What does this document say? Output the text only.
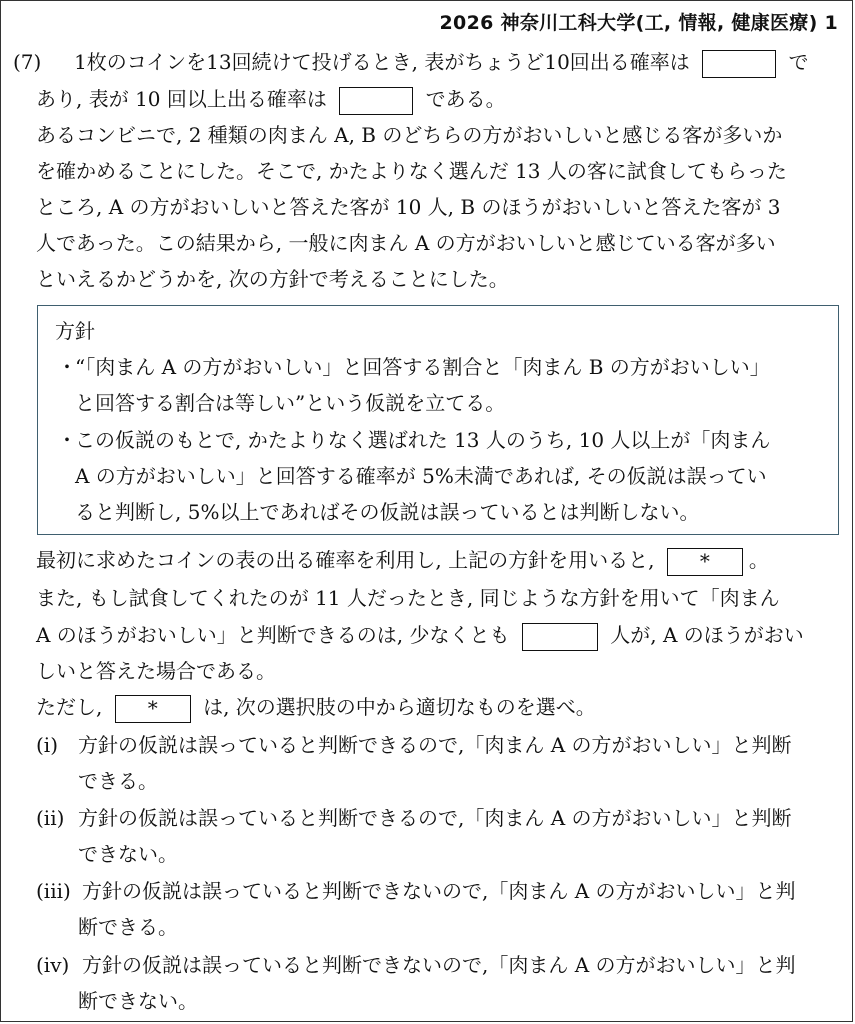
2026 神奈川工科大学(工, 情報, 健康医療) 1
(7) 1枚のコインを13回続けて投げるとき, 表がちょうど10回出る確率は	で
あり, 表が 10 回以上出る確率は	である。
あるコンビニで, 2 種類の肉まん A, B のどちらの方がおいしいと感じる客が多いか
を確かめることにした。そこで, かたよりなく選んだ 13 人の客に試食してもらった
ところ, A の方がおいしいと答えた客が 10 人, B のほうがおいしいと答えた客が 3
人であった。この結果から, 一般に肉まん A の方がおいしいと感じている客が多い
といえるかどうかを, 次の方針で考えることにした。
方針
・“「肉まん A の方がおいしい」と回答する割合と「肉まん B の方がおいしい」
と回答する割合は等しい”という仮説を立てる。
・この仮説のもとで, かたよりなく選ばれた 13 人のうち, 10 人以上が「肉まん
A の方がおいしい」と回答する確率が 5%未満であれば, その仮説は誤ってい
ると判断し, 5%以上であればその仮説は誤っているとは判断しない。
最初に求めたコインの表の出る確率を利用し, 上記の方針を用いると, * 。
また, もし試食してくれたのが 11 人だったとき, 同じような方針を用いて「肉まん
A のほうがおいしい」と判断できるのは, 少なくとも	人が, A のほうがおい
しいと答えた場合である。
ただし, * は, 次の選択肢の中から適切なものを選べ。
(i) 方針の仮説は誤っていると判断できるので,「肉まん A の方がおいしい」と判断
できる。
(ii) 方針の仮説は誤っていると判断できるので,「肉まん A の方がおいしい」と判断
できない。
(iii) 方針の仮説は誤っていると判断できないので,「肉まん A の方がおいしい」と判
断できる。
(iv) 方針の仮説は誤っていると判断できないので,「肉まん A の方がおいしい」と判
断できない。
